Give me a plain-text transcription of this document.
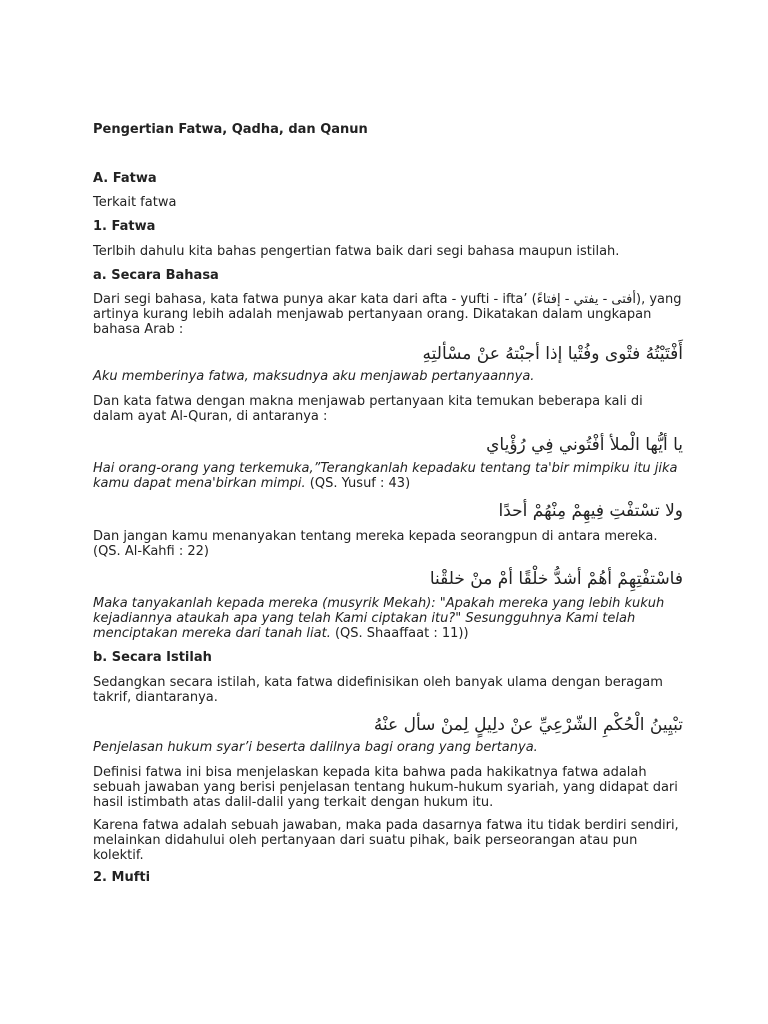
Pengertian Fatwa, Qadha, dan Qanun

A. Fatwa

Terkait fatwa

1. Fatwa

Terlbih dahulu kita bahas pengertian fatwa baik dari segi bahasa maupun istilah.

a. Secara Bahasa

Dari segi bahasa, kata fatwa punya akar kata dari afta - yufti - ifta’ (أفتى - يفتي - إفتاءً), yang artinya kurang lebih adalah menjawab pertanyaan orang. Dikatakan dalam ungkapan bahasa Arab :

أَفْتَيْتُهُ فتْوى وفُتْيا إذا أجبْتهُ عنْ مسْألتِهِ

Aku memberinya fatwa, maksudnya aku menjawab pertanyaannya.

Dan kata fatwa dengan makna menjawab pertanyaan kita temukan beberapa kali di dalam ayat Al-Quran, di antaranya :

يا أيُّها الْملأ أفْتُوني فِي رُؤْياي

Hai orang-orang yang terkemuka,”Terangkanlah kepadaku tentang ta'bir mimpiku itu jika kamu dapat mena'birkan mimpi. (QS. Yusuf : 43)

ولا تسْتفْتِ فِيهِمْ مِنْهُمْ أحدًا

Dan jangan kamu menanyakan tentang mereka kepada seorangpun di antara mereka. (QS. Al-Kahfi : 22)

فاسْتفْتِهِمْ أهُمْ أشدُّ خلْقًا أمْ منْ خلقْنا

Maka tanyakanlah kepada mereka (musyrik Mekah): "Apakah mereka yang lebih kukuh kejadiannya ataukah apa yang telah Kami ciptakan itu?" Sesungguhnya Kami telah menciptakan mereka dari tanah liat. (QS. Shaaffaat : 11))

b. Secara Istilah

Sedangkan secara istilah, kata fatwa didefinisikan oleh banyak ulama dengan beragam takrif, diantaranya.

تبْيِينُ الْحُكْمِ الشّرْعِيِّ عنْ دلِيلٍ لِمنْ سأل عنْهُ

Penjelasan hukum syar’i beserta dalilnya bagi orang yang bertanya.

Definisi fatwa ini bisa menjelaskan kepada kita bahwa pada hakikatnya fatwa adalah sebuah jawaban yang berisi penjelasan tentang hukum-hukum syariah, yang didapat dari hasil istimbath atas dalil-dalil yang terkait dengan hukum itu.

Karena fatwa adalah sebuah jawaban, maka pada dasarnya fatwa itu tidak berdiri sendiri, melainkan didahului oleh pertanyaan dari suatu pihak, baik perseorangan atau pun kolektif.

2. Mufti
